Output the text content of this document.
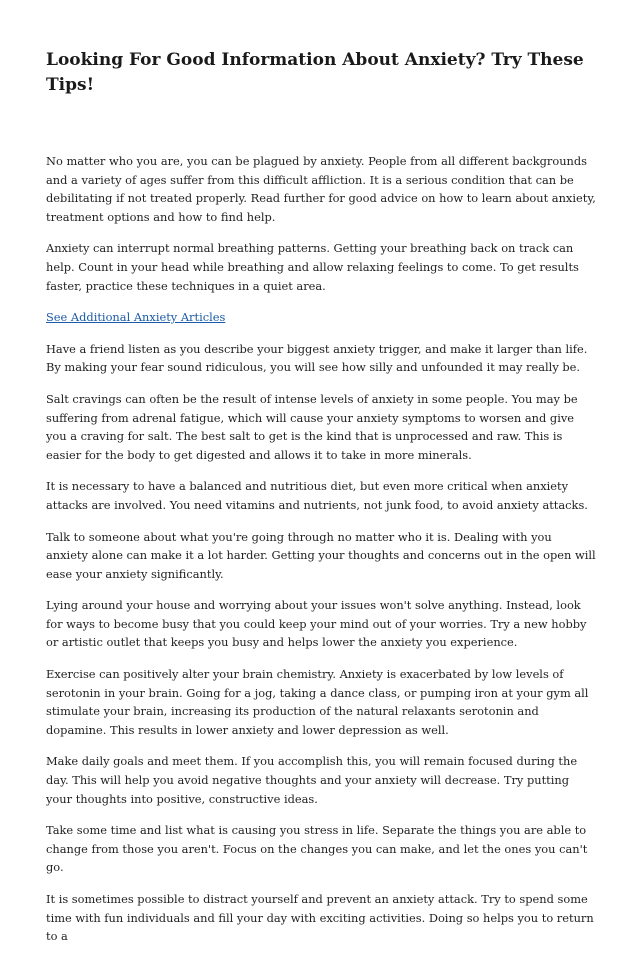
Looking For Good Information About Anxiety? Try These Tips!

No matter who you are, you can be plagued by anxiety. People from all different backgrounds and a variety of ages suffer from this difficult affliction. It is a serious condition that can be debilitating if not treated properly. Read further for good advice on how to learn about anxiety, treatment options and how to find help.

Anxiety can interrupt normal breathing patterns. Getting your breathing back on track can help. Count in your head while breathing and allow relaxing feelings to come. To get results faster, practice these techniques in a quiet area.

See Additional Anxiety Articles

Have a friend listen as you describe your biggest anxiety trigger, and make it larger than life. By making your fear sound ridiculous, you will see how silly and unfounded it may really be.

Salt cravings can often be the result of intense levels of anxiety in some people. You may be suffering from adrenal fatigue, which will cause your anxiety symptoms to worsen and give you a craving for salt. The best salt to get is the kind that is unprocessed and raw. This is easier for the body to get digested and allows it to take in more minerals.

It is necessary to have a balanced and nutritious diet, but even more critical when anxiety attacks are involved. You need vitamins and nutrients, not junk food, to avoid anxiety attacks.

Talk to someone about what you're going through no matter who it is. Dealing with you anxiety alone can make it a lot harder. Getting your thoughts and concerns out in the open will ease your anxiety significantly.

Lying around your house and worrying about your issues won't solve anything. Instead, look for ways to become busy that you could keep your mind out of your worries. Try a new hobby or artistic outlet that keeps you busy and helps lower the anxiety you experience.

Exercise can positively alter your brain chemistry. Anxiety is exacerbated by low levels of serotonin in your brain. Going for a jog, taking a dance class, or pumping iron at your gym all stimulate your brain, increasing its production of the natural relaxants serotonin and dopamine. This results in lower anxiety and lower depression as well.

Make daily goals and meet them. If you accomplish this, you will remain focused during the day. This will help you avoid negative thoughts and your anxiety will decrease. Try putting your thoughts into positive, constructive ideas.

Take some time and list what is causing you stress in life. Separate the things you are able to change from those you aren't. Focus on the changes you can make, and let the ones you can't go.

It is sometimes possible to distract yourself and prevent an anxiety attack. Try to spend some time with fun individuals and fill your day with exciting activities. Doing so helps you to return to a
